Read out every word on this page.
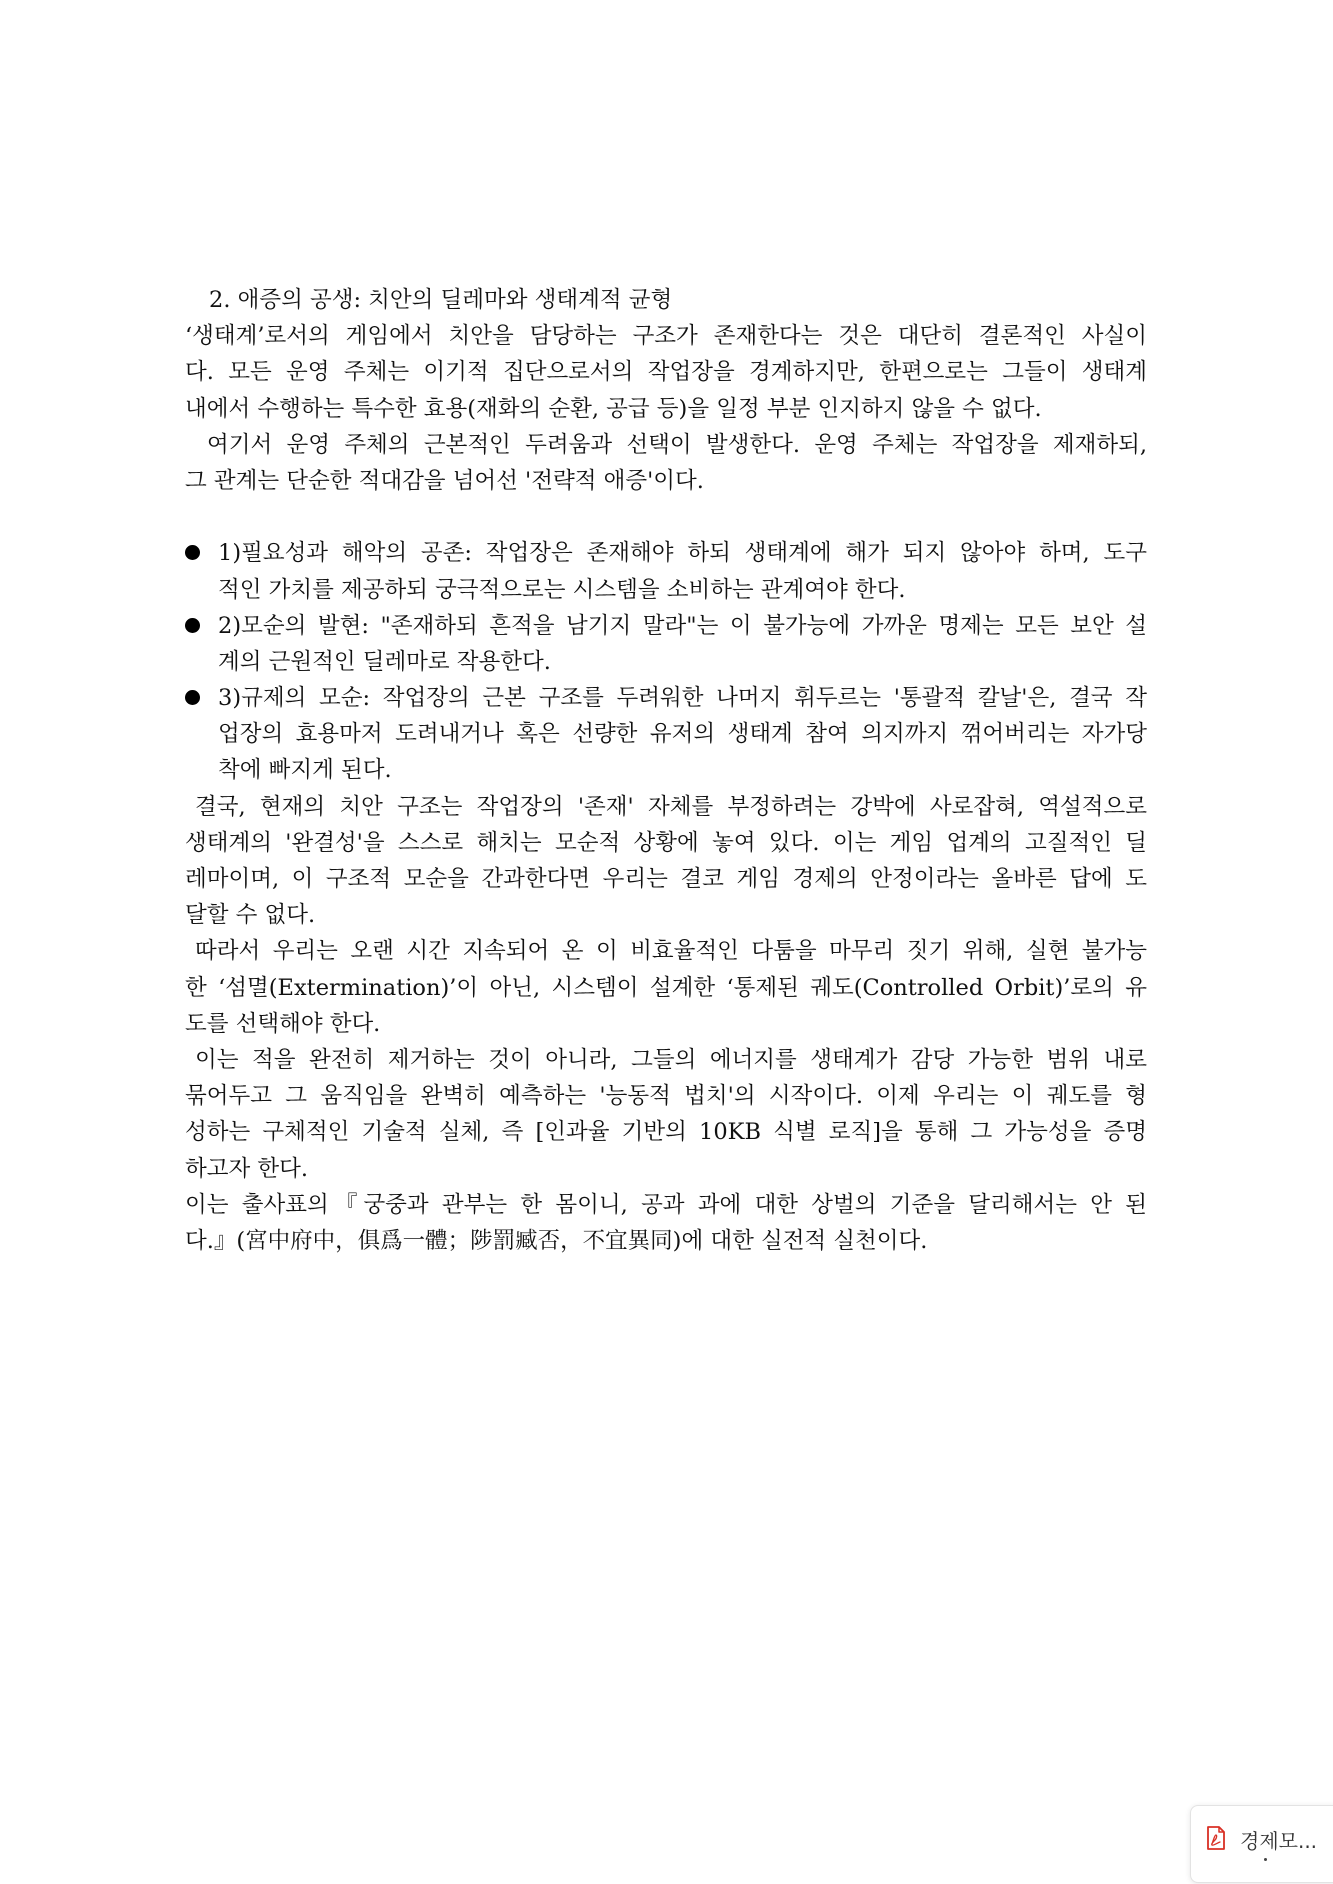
2. 애증의 공생: 치안의 딜레마와 생태계적 균형
‘생태계’로서의 게임에서 치안을 담당하는 구조가 존재한다는 것은 대단히 결론적인 사실이
다. 모든 운영 주체는 이기적 집단으로서의 작업장을 경계하지만, 한편으로는 그들이 생태계
내에서 수행하는 특수한 효용(재화의 순환, 공급 등)을 일정 부분 인지하지 않을 수 없다.
여기서 운영 주체의 근본적인 두려움과 선택이 발생한다. 운영 주체는 작업장을 제재하되,
그 관계는 단순한 적대감을 넘어선 '전략적 애증'이다.
1)필요성과 해악의 공존: 작업장은 존재해야 하되 생태계에 해가 되지 않아야 하며, 도구
적인 가치를 제공하되 궁극적으로는 시스템을 소비하는 관계여야 한다.
2)모순의 발현: "존재하되 흔적을 남기지 말라"는 이 불가능에 가까운 명제는 모든 보안 설
계의 근원적인 딜레마로 작용한다.
3)규제의 모순: 작업장의 근본 구조를 두려워한 나머지 휘두르는 '통괄적 칼날'은, 결국 작
업장의 효용마저 도려내거나 혹은 선량한 유저의 생태계 참여 의지까지 꺾어버리는 자가당
착에 빠지게 된다.
결국, 현재의 치안 구조는 작업장의 '존재' 자체를 부정하려는 강박에 사로잡혀, 역설적으로
생태계의 '완결성'을 스스로 해치는 모순적 상황에 놓여 있다. 이는 게임 업계의 고질적인 딜
레마이며, 이 구조적 모순을 간과한다면 우리는 결코 게임 경제의 안정이라는 올바른 답에 도
달할 수 없다.
따라서 우리는 오랜 시간 지속되어 온 이 비효율적인 다툼을 마무리 짓기 위해, 실현 불가능
한 ‘섬멸(Extermination)’이 아닌, 시스템이 설계한 ‘통제된 궤도(Controlled Orbit)’로의 유
도를 선택해야 한다.
이는 적을 완전히 제거하는 것이 아니라, 그들의 에너지를 생태계가 감당 가능한 범위 내로
묶어두고 그 움직임을 완벽히 예측하는 '능동적 법치'의 시작이다. 이제 우리는 이 궤도를 형
성하는 구체적인 기술적 실체, 즉 [인과율 기반의 10KB 식별 로직]을 통해 그 가능성을 증명
하고자 한다.
이는 출사표의『궁중과 관부는 한 몸이니, 공과 과에 대한 상벌의 기준을 달리해서는 안 된
다.』(宮中府中，俱爲一體；陟罰臧否，不宜異同)에 대한 실전적 실천이다.
경제모...
